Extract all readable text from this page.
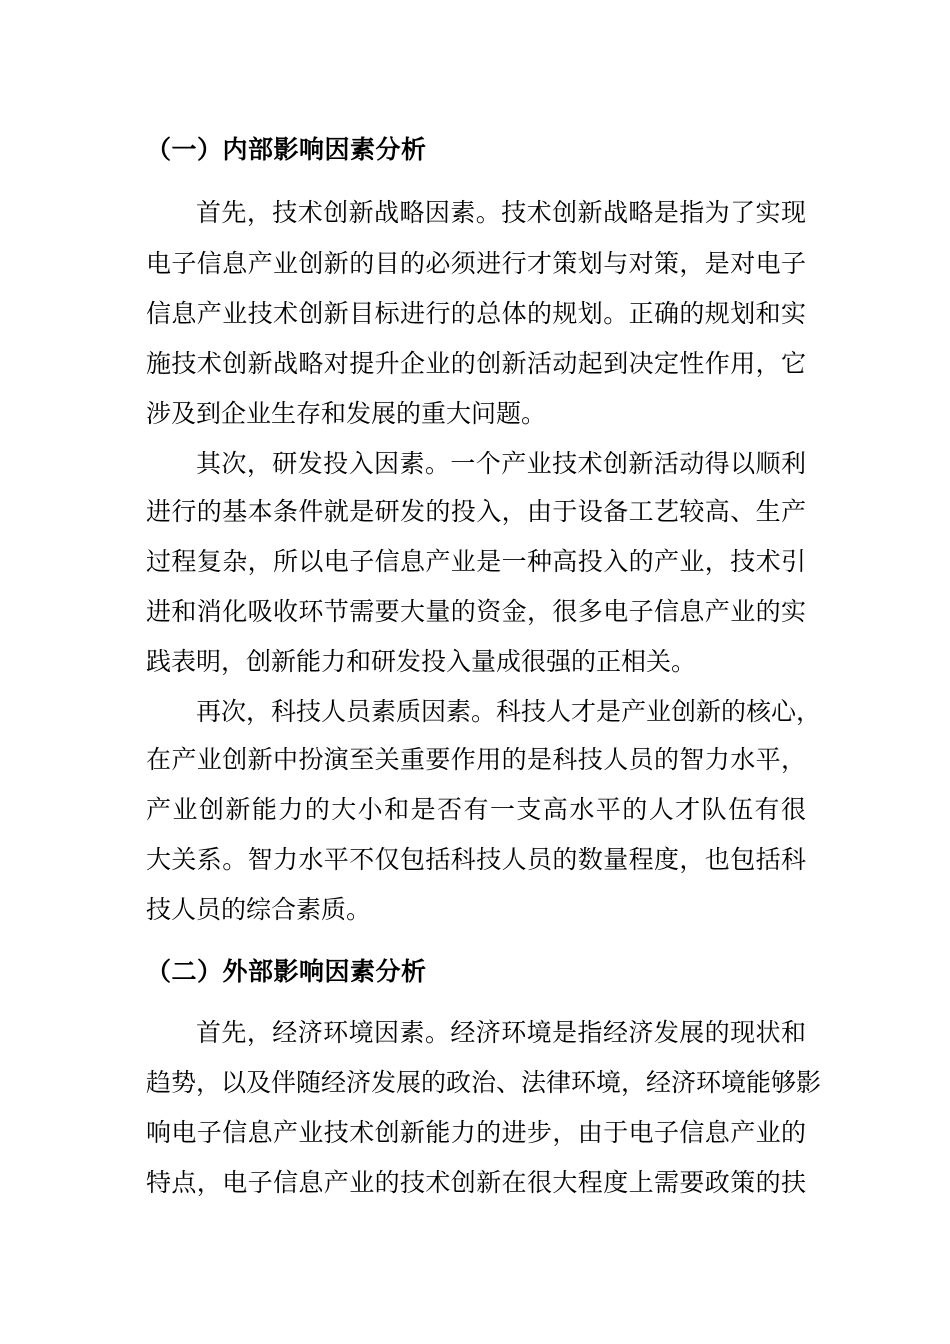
（一）内部影响因素分析
首先，技术创新战略因素。技术创新战略是指为了实现
电子信息产业创新的目的必须进行才策划与对策，是对电子
信息产业技术创新目标进行的总体的规划。正确的规划和实
施技术创新战略对提升企业的创新活动起到决定性作用，它
涉及到企业生存和发展的重大问题。
其次，研发投入因素。一个产业技术创新活动得以顺利
进行的基本条件就是研发的投入，由于设备工艺较高、生产
过程复杂，所以电子信息产业是一种高投入的产业，技术引
进和消化吸收环节需要大量的资金，很多电子信息产业的实
践表明，创新能力和研发投入量成很强的正相关。
再次，科技人员素质因素。科技人才是产业创新的核心，
在产业创新中扮演至关重要作用的是科技人员的智力水平，
产业创新能力的大小和是否有一支高水平的人才队伍有很
大关系。智力水平不仅包括科技人员的数量程度，也包括科
技人员的综合素质。
（二）外部影响因素分析
首先，经济环境因素。经济环境是指经济发展的现状和
趋势，以及伴随经济发展的政治、法律环境，经济环境能够影
响电子信息产业技术创新能力的进步，由于电子信息产业的
特点，电子信息产业的技术创新在很大程度上需要政策的扶
